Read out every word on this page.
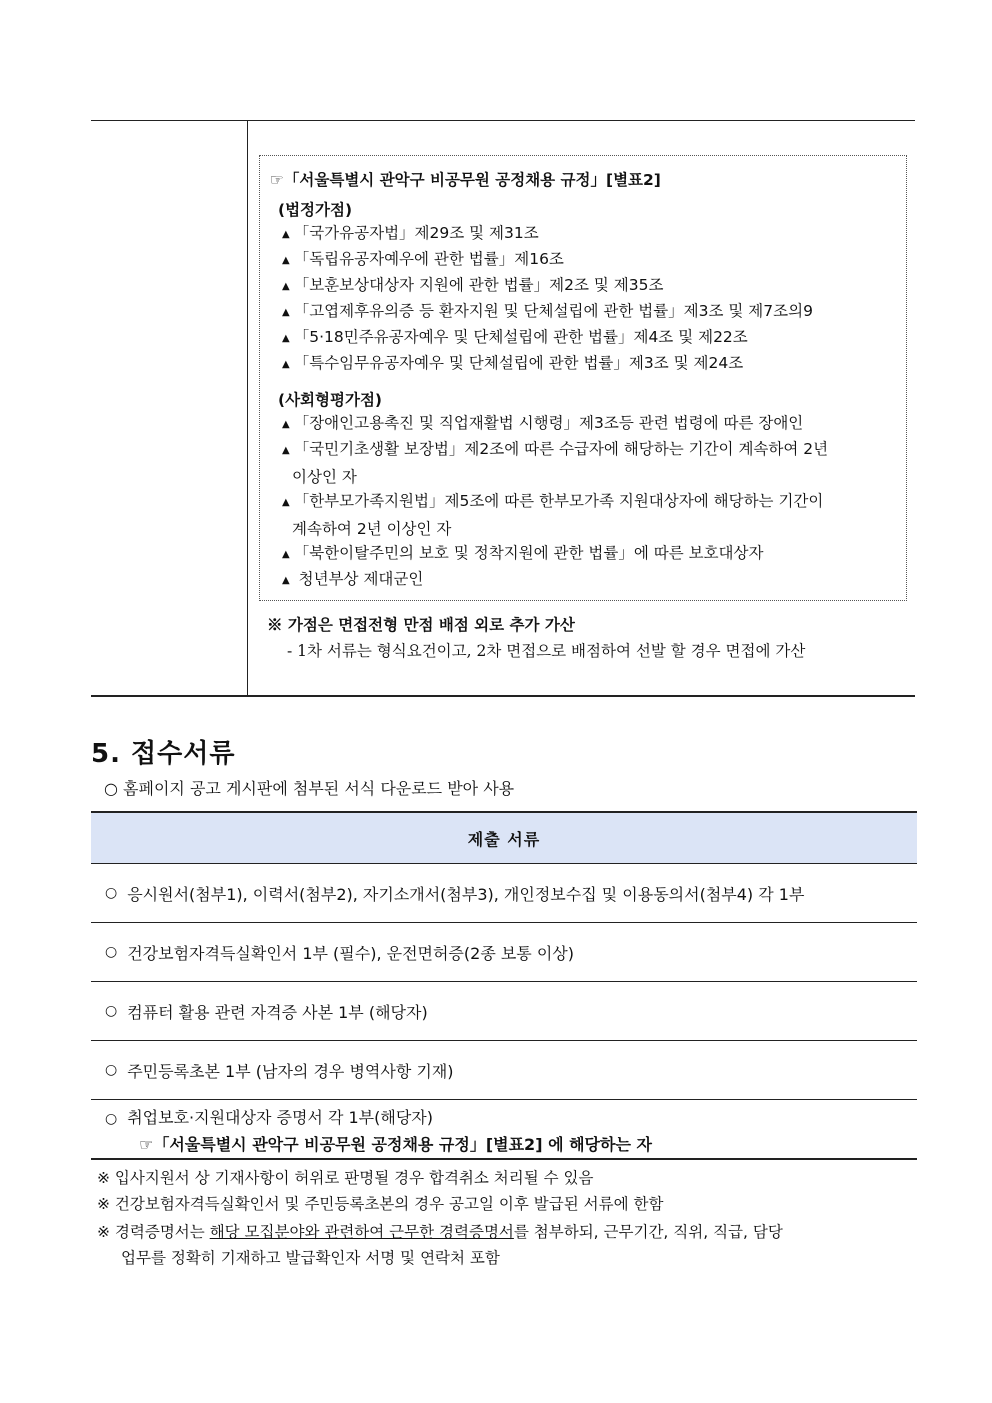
☞「서울특별시 관악구 비공무원 공정채용 규정」[별표2]
(법정가점)
▲ 「국가유공자법」제29조 및 제31조
▲ 「독립유공자예우에 관한 법률」제16조
▲ 「보훈보상대상자 지원에 관한 법률」제2조 및 제35조
▲ 「고엽제후유의증 등 환자지원 및 단체설립에 관한 법률」제3조 및 제7조의9
▲ 「5·18민주유공자예우 및 단체설립에 관한 법률」제4조 및 제22조
▲ 「특수임무유공자예우 및 단체설립에 관한 법률」제3조 및 제24조
(사회형평가점)
▲ 「장애인고용촉진 및 직업재활법 시행령」제3조등 관련 법령에 따른 장애인
▲ 「국민기초생활 보장법」제2조에 따른 수급자에 해당하는 기간이 계속하여 2년
이상인 자
▲ 「한부모가족지원법」제5조에 따른 한부모가족 지원대상자에 해당하는 기간이
계속하여 2년 이상인 자
▲ 「북한이탈주민의 보호 및 정착지원에 관한 법률」에 따른 보호대상자
▲ 청년부상 제대군인
※ 가점은 면접전형 만점 배점 외로 추가 가산
- 1차 서류는 형식요건이고, 2차 면접으로 배점하여 선발 할 경우 면접에 가산
5. 접수서류
○ 홈페이지 공고 게시판에 첨부된 서식 다운로드 받아 사용
제출 서류
○ 응시원서(첨부1), 이력서(첨부2), 자기소개서(첨부3), 개인정보수집 및 이용동의서(첨부4) 각 1부
○ 건강보험자격득실확인서 1부 (필수), 운전면허증(2종 보통 이상)
○ 컴퓨터 활용 관련 자격증 사본 1부 (해당자)
○ 주민등록초본 1부 (남자의 경우 병역사항 기재)
○ 취업보호·지원대상자 증명서 각 1부(해당자)
☞「서울특별시 관악구 비공무원 공정채용 규정」[별표2] 에 해당하는 자
※ 입사지원서 상 기재사항이 허위로 판명될 경우 합격취소 처리될 수 있음
※ 건강보험자격득실확인서 및 주민등록초본의 경우 공고일 이후 발급된 서류에 한함
※ 경력증명서는 해당 모집분야와 관련하여 근무한 경력증명서를 첨부하되, 근무기간, 직위, 직급, 담당
업무를 정확히 기재하고 발급확인자 서명 및 연락처 포함
